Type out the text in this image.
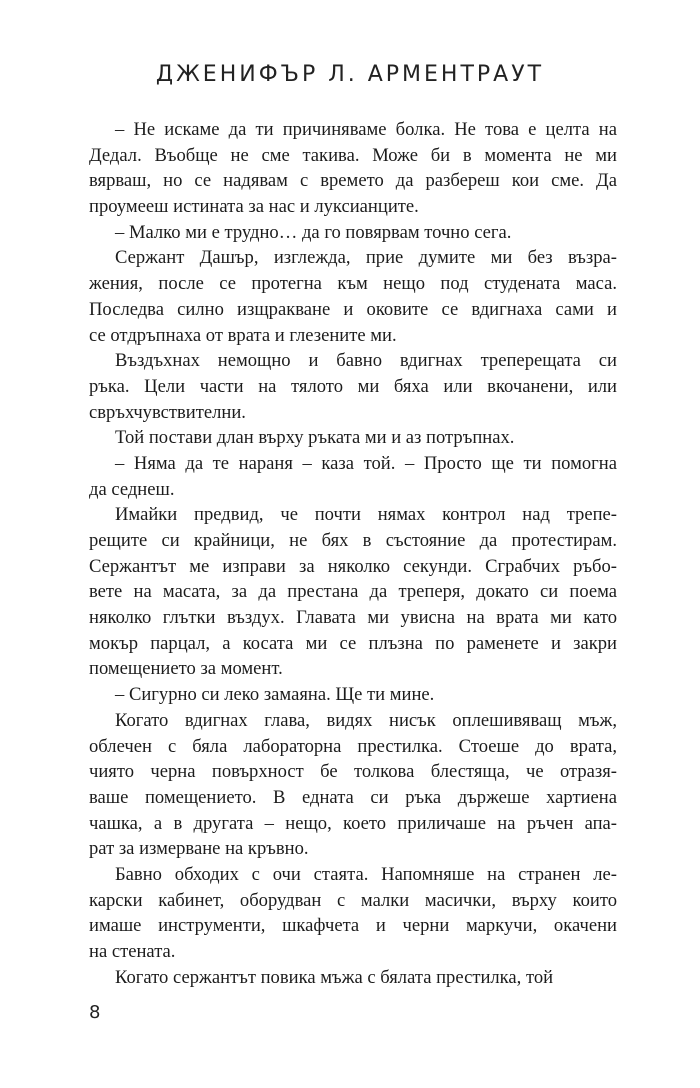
ДЖЕНИФЪР Л. АРМЕНТРАУТ
– Не искаме да ти причиняваме болка. Не това е целта на
Дедал. Въобще не сме такива. Може би в момента не ми
вярваш, но се надявам с времето да разбереш кои сме. Да
проумееш истината за нас и луксианците.
– Малко ми е трудно… да го повярвам точно сега.
Сержант Дашър, изглежда, прие думите ми без възра-
жения, после се протегна към нещо под студената маса.
Последва силно изщракване и оковите се вдигнаха сами и
се отдръпнаха от врата и глезените ми.
Въздъхнах немощно и бавно вдигнах треперещата си
ръка. Цели части на тялото ми бяха или вкочанени, или
свръхчувствителни.
Той постави длан върху ръката ми и аз потръпнах.
– Няма да те нараня – каза той. – Просто ще ти помогна
да седнеш.
Имайки предвид, че почти нямах контрол над трепе-
рещите си крайници, не бях в състояние да протестирам.
Сержантът ме изправи за няколко секунди. Сграбчих ръбо-
вете на масата, за да престана да треперя, докато си поема
няколко глътки въздух. Главата ми увисна на врата ми като
мокър парцал, а косата ми се плъзна по раменете и закри
помещението за момент.
– Сигурно си леко замаяна. Ще ти мине.
Когато вдигнах глава, видях нисък оплешивяващ мъж,
облечен с бяла лабораторна престилка. Стоеше до врата,
чиято черна повърхност бе толкова блестяща, че отразя-
ваше помещението. В едната си ръка държеше хартиена
чашка, а в другата – нещо, което приличаше на ръчен апа-
рат за измерване на кръвно.
Бавно обходих с очи стаята. Напомняше на странен ле-
карски кабинет, оборудван с малки масички, върху които
имаше инструменти, шкафчета и черни маркучи, окачени
на стената.
Когато сержантът повика мъжа с бялата престилка, той
8
